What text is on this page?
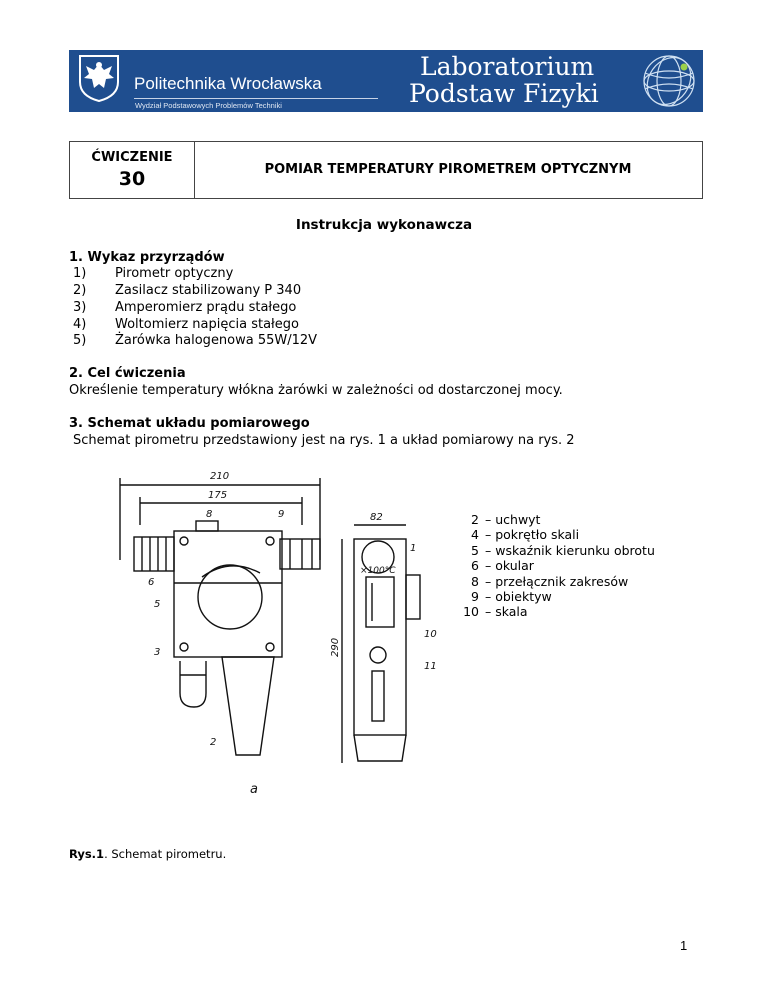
Politechnika Wrocławska
Wydział Podstawowych Problemów Techniki
Laboratorium
Podstaw Fizyki
ĆWICZENIE
30	POMIAR TEMPERATURY PIROMETREM OPTYCZNYM
Instrukcja wykonawcza
1. Wykaz przyrządów
1) Pirometr optyczny
2) Zasilacz stabilizowany P 340
3) Amperomierz prądu stałego
4) Woltomierz napięcia stałego
5) Żarówka halogenowa 55W/12V
2. Cel ćwiczenia
Określenie temperatury włókna żarówki w zależności od dostarczonej mocy.
3. Schemat układu pomiarowego
Schemat pirometru przedstawiony jest na rys. 1 a układ pomiarowy na rys. 2
210
175
82
290
×100°C
a
1
2
3
5
6
8	9
10
11
2 – uchwyt
4 – pokrętło skali
5 – wskaźnik kierunku obrotu
6 – okular
8 – przełącznik zakresów
9 – obiektyw
10 – skala
Rys.1. Schemat pirometru.
1
